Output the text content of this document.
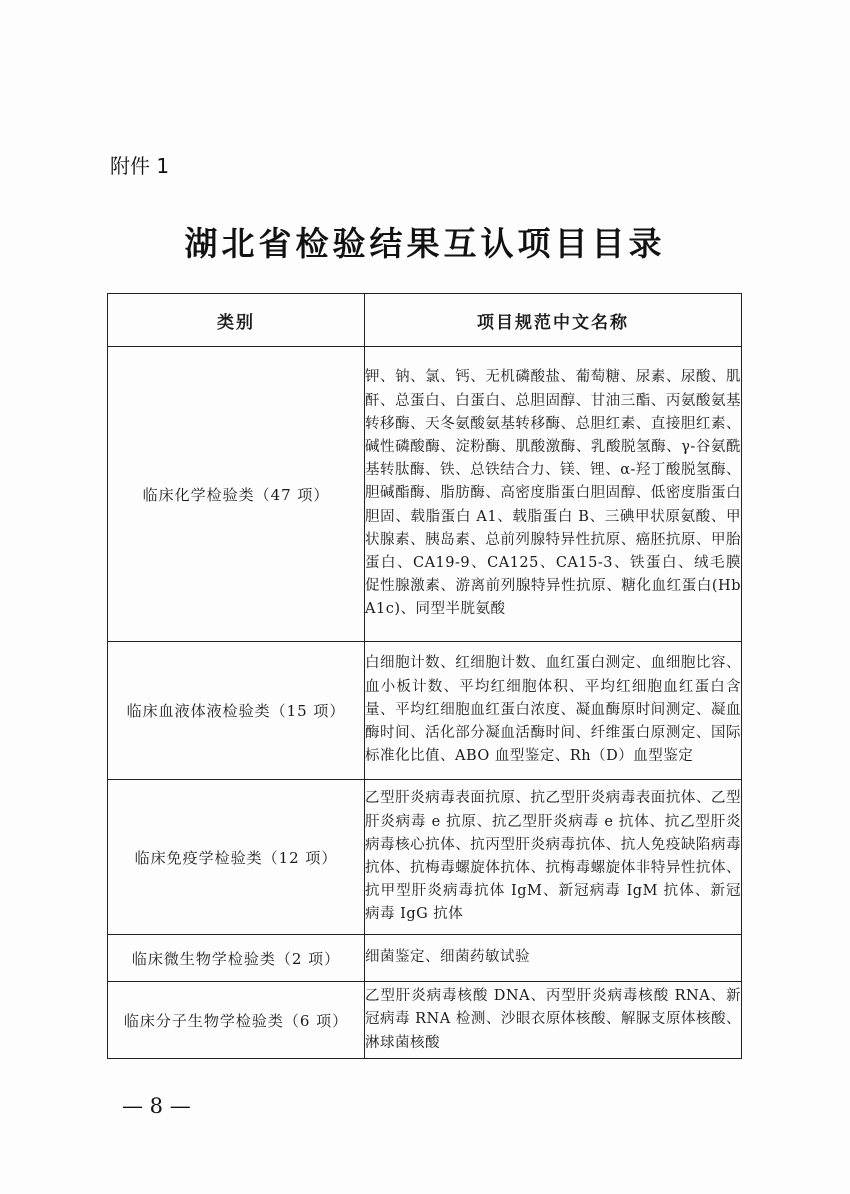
附件 1
湖北省检验结果互认项目目录
类别	项目规范中文名称
临床化学检验类（47 项）	钾、钠、氯、钙、无机磷酸盐、葡萄糖、尿素、尿酸、肌酐、总蛋白、白蛋白、总胆固醇、甘油三酯、丙氨酸氨基转移酶、天冬氨酸氨基转移酶、总胆红素、直接胆红素、碱性磷酸酶、淀粉酶、肌酸激酶、乳酸脱氢酶、γ-谷氨酰基转肽酶、铁、总铁结合力、镁、锂、α-羟丁酸脱氢酶、胆碱酯酶、脂肪酶、高密度脂蛋白胆固醇、低密度脂蛋白胆固、载脂蛋白 A1、载脂蛋白 B、三碘甲状原氨酸、甲状腺素、胰岛素、总前列腺特异性抗原、癌胚抗原、甲胎蛋白、CA19-9、CA125、CA15-3、铁蛋白、绒毛膜促性腺激素、游离前列腺特异性抗原、糖化血红蛋白(HbA1c)、同型半胱氨酸
临床血液体液检验类（15 项）	白细胞计数、红细胞计数、血红蛋白测定、血细胞比容、血小板计数、平均红细胞体积、平均红细胞血红蛋白含量、平均红细胞血红蛋白浓度、凝血酶原时间测定、凝血酶时间、活化部分凝血活酶时间、纤维蛋白原测定、国际标准化比值、ABO 血型鉴定、Rh（D）血型鉴定
临床免疫学检验类（12 项）	乙型肝炎病毒表面抗原、抗乙型肝炎病毒表面抗体、乙型肝炎病毒 e 抗原、抗乙型肝炎病毒 e 抗体、抗乙型肝炎病毒核心抗体、抗丙型肝炎病毒抗体、抗人免疫缺陷病毒抗体、抗梅毒螺旋体抗体、抗梅毒螺旋体非特异性抗体、抗甲型肝炎病毒抗体 IgM、新冠病毒 IgM 抗体、新冠病毒 IgG 抗体
临床微生物学检验类（2 项）	细菌鉴定、细菌药敏试验
临床分子生物学检验类（6 项）	乙型肝炎病毒核酸 DNA、丙型肝炎病毒核酸 RNA、新冠病毒 RNA 检测、沙眼衣原体核酸、解脲支原体核酸、淋球菌核酸
— 8 —
